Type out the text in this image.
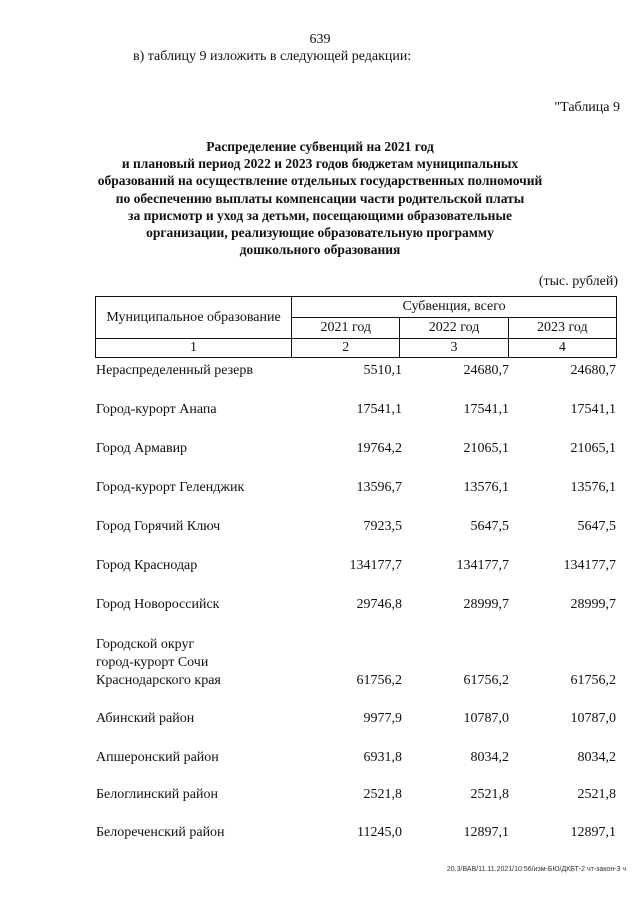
639
в) таблицу 9 изложить в следующей редакции:
"Таблица 9
Распределение субвенций на 2021 год
и плановый период 2022 и 2023 годов бюджетам муниципальных
образований на осуществление отдельных государственных полномочий
по обеспечению выплаты компенсации части родительской платы
за присмотр и уход за детьми, посещающими образовательные
организации, реализующие образовательную программу
дошкольного образования
(тыс. рублей)
Муниципальное образование	Субвенция, всего		
	2021 год	2022 год	2023 год
1	2	3	4
Нераспределенный резерв	5510,1	24680,7	24680,7
Город-курорт Анапа	17541,1	17541,1	17541,1
Город Армавир	19764,2	21065,1	21065,1
Город-курорт Геленджик	13596,7	13576,1	13576,1
Город Горячий Ключ	7923,5	5647,5	5647,5
Город Краснодар	134177,7	134177,7	134177,7
Город Новороссийск	29746,8	28999,7	28999,7
Городской округ
город-курорт Сочи
Краснодарского края	61756,2	61756,2	61756,2
Абинский район	9977,9	10787,0	10787,0
Апшеронский район	6931,8	8034,2	8034,2
Белоглинский район	2521,8	2521,8	2521,8
Белореченский район	11245,0	12897,1	12897,1
20.3/ВАВ/11.11.2021/10:56/изм-БЮ/ДКБТ-2 чт-закон-3 ч
